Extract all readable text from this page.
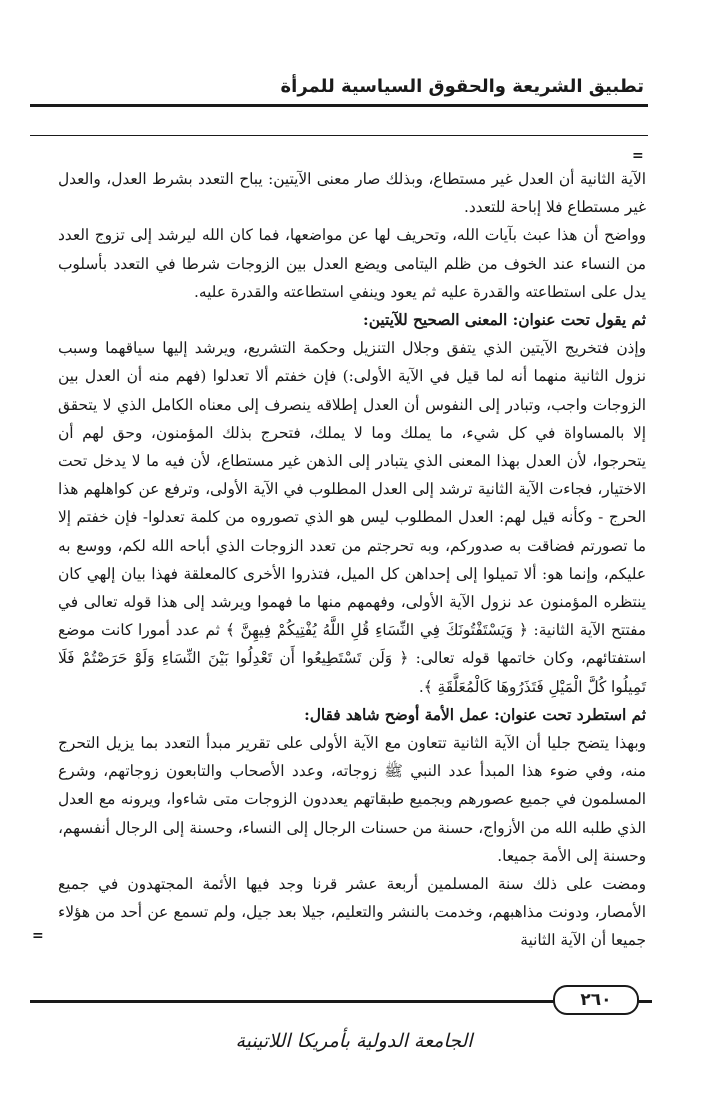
تطبيق الشريعة والحقوق السياسية للمرأة
=

الآية الثانية أن العدل غير مستطاع، وبذلك صار معنى الآيتين: يباح التعدد بشرط العدل، والعدل غير مستطاع فلا إباحة للتعدد.

وواضح أن هذا عبث بآيات الله، وتحريف لها عن مواضعها، فما كان الله ليرشد إلى تزوج العدد من النساء عند الخوف من ظلم اليتامى ويضع العدل بين الزوجات شرطا في التعدد بأسلوب يدل على استطاعته والقدرة عليه ثم يعود وينفي استطاعته والقدرة عليه.

ثم يقول تحت عنوان: المعنى الصحيح للآيتين:

وإذن فتخريج الآيتين الذي يتفق وجلال التنزيل وحكمة التشريع، ويرشد إليها سياقهما وسبب نزول الثانية منهما أنه لما قيل في الآية الأولى:) فإن خفتم ألا تعدلوا (فهم منه أن العدل بين الزوجات واجب، وتبادر إلى النفوس أن العدل إطلاقه ينصرف إلى معناه الكامل الذي لا يتحقق إلا بالمساواة في كل شيء، ما يملك وما لا يملك، فتحرج بذلك المؤمنون، وحق لهم أن يتحرجوا، لأن العدل بهذا المعنى الذي يتبادر إلى الذهن غير مستطاع، لأن فيه ما لا يدخل تحت الاختيار، فجاءت الآية الثانية ترشد إلى العدل المطلوب في الآية الأولى، وترفع عن كواهلهم هذا الحرج - وكأنه قيل لهم: العدل المطلوب ليس هو الذي تصوروه من كلمة تعدلوا- فإن خفتم إلا ما تصورتم فضاقت به صدوركم، وبه تحرجتم من تعدد الزوجات الذي أباحه الله لكم، ووسع به عليكم، وإنما هو: ألا تميلوا إلى إحداهن كل الميل، فتذروا الأخرى كالمعلقة فهذا بيان إلهي كان ينتظره المؤمنون عد نزول الآية الأولى، وفهمهم منها ما فهموا ويرشد إلى هذا قوله تعالى في مفتتح الآية الثانية: ﴿ وَيَسْتَفْتُونَكَ فِي النِّسَاءِ قُلِ اللَّهُ يُفْتِيكُمْ فِيهِنَّ ﴾ ثم عدد أمورا كانت موضع استفتائهم، وكان خاتمها قوله تعالى: ﴿ وَلَن تَسْتَطِيعُوا أَن تَعْدِلُوا بَيْنَ النِّسَاءِ وَلَوْ حَرَصْتُمْ فَلَا تَمِيلُوا كُلَّ الْمَيْلِ فَتَذَرُوهَا كَالْمُعَلَّقَةِ ﴾.

ثم استطرد تحت عنوان: عمل الأمة أوضح شاهد فقال:

وبهذا يتضح جليا أن الآية الثانية تتعاون مع الآية الأولى على تقرير مبدأ التعدد بما يزيل التحرج منه، وفي ضوء هذا المبدأ عدد النبي ﷺ زوجاته، وعدد الأصحاب والتابعون زوجاتهم، وشرع المسلمون في جميع عصورهم وبجميع طبقاتهم يعددون الزوجات متى شاءوا، ويرونه مع العدل الذي طلبه الله من الأزواج، حسنة من حسنات الرجال إلى النساء، وحسنة إلى الرجال أنفسهم، وحسنة إلى الأمة جميعا.

ومضت على ذلك سنة المسلمين أربعة عشر قرنا وجد فيها الأئمة المجتهدون في جميع الأمصار، ودونت مذاهبهم، وخدمت بالنشر والتعليم، جيلا بعد جيل، ولم تسمع عن أحد من هؤلاء جميعا أن الآية الثانية

=
٢٦٠
الجامعة الدولية بأمريكا اللاتينية
